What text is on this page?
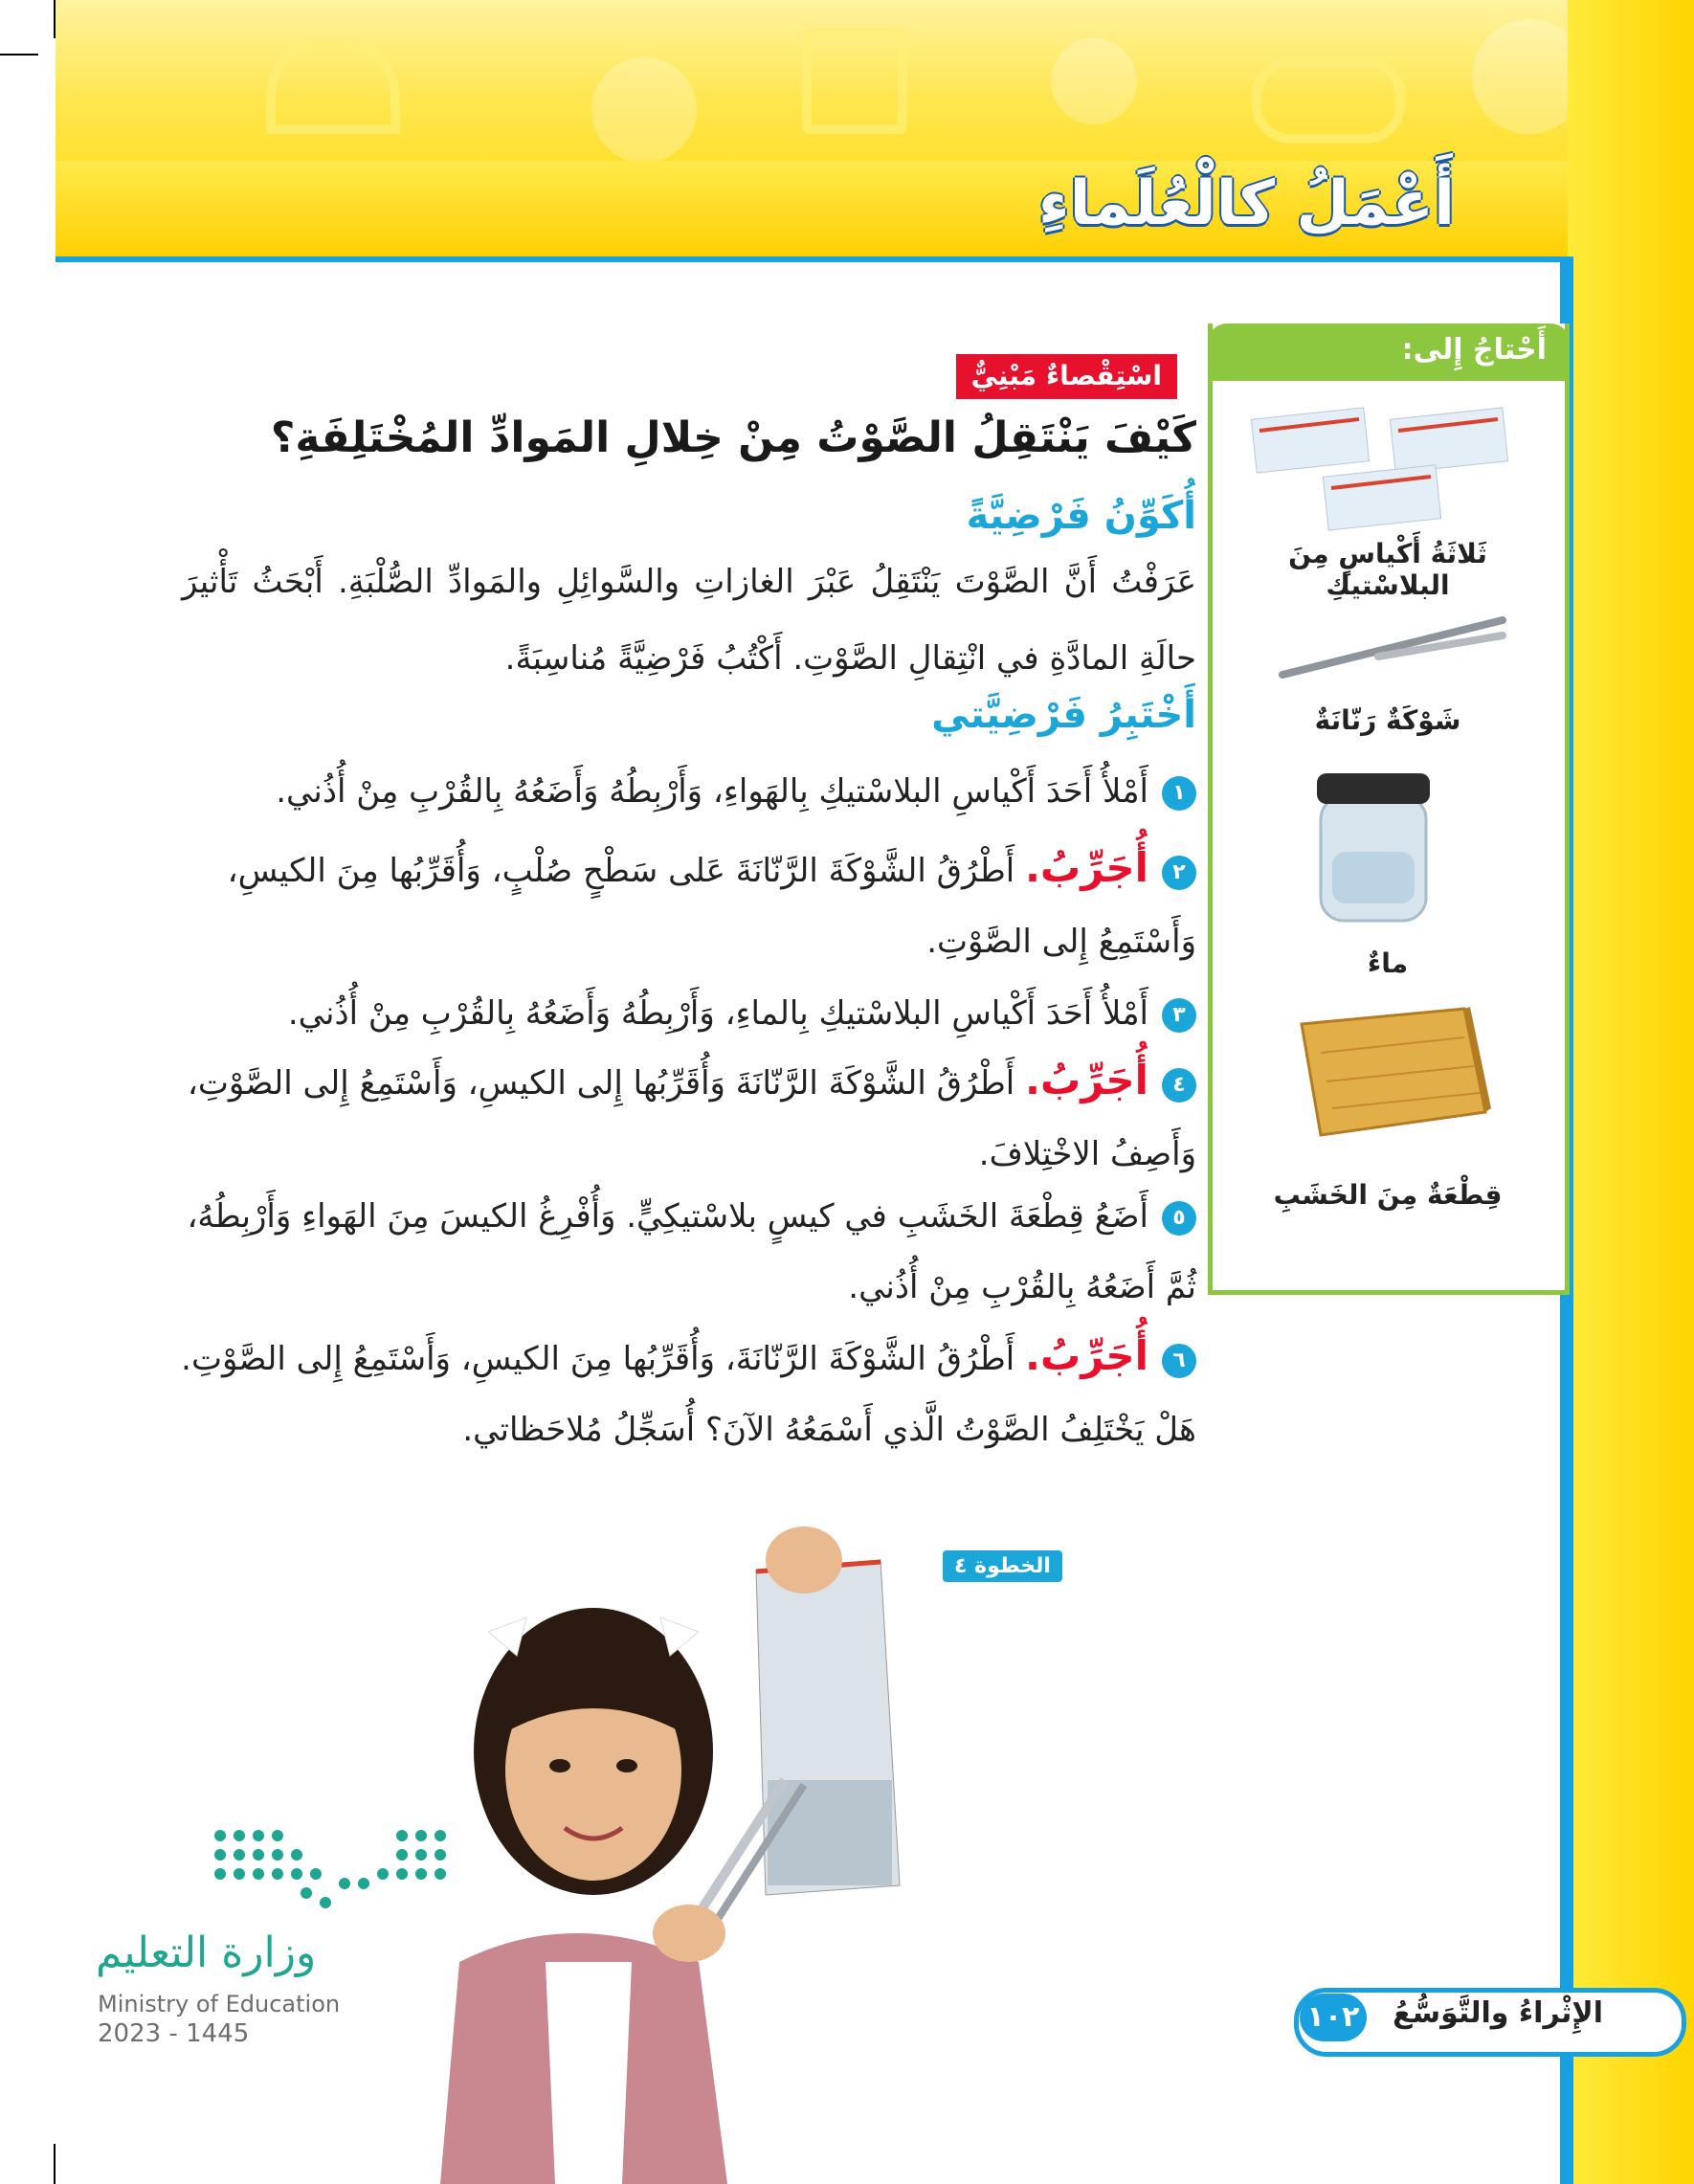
أَعْمَلُ كالْعُلَماءِ
اسْتِقْصاءٌ مَبْنِيٌّ
كَيْفَ يَنْتَقِلُ الصَّوْتُ مِنْ خِلالِ المَوادِّ المُخْتَلِفَةِ؟
أُكَوِّنُ فَرْضِيَّةً
عَرَفْتُ أَنَّ الصَّوْتَ يَنْتَقِلُ عَبْرَ الغازاتِ والسَّوائِلِ والمَوادِّ الصُّلْبَةِ. أَبْحَثُ تَأْثيرَ حالَةِ المادَّةِ في انْتِقالِ الصَّوْتِ. أَكْتُبُ فَرْضِيَّةً مُناسِبَةً.
أَخْتَبِرُ فَرْضِيَّتي
١أَمْلأُ أَحَدَ أَكْياسِ البلاسْتيكِ بِالهَواءِ، وَأَرْبِطُهُ وَأَضَعُهُ بِالقُرْبِ مِنْ أُذُني.
٢أُجَرِّبُ. أَطْرُقُ الشَّوْكَةَ الرَّنّانَةَ عَلى سَطْحٍ صُلْبٍ، وَأُقَرِّبُها مِنَ الكيسِ، وَأَسْتَمِعُ إِلى الصَّوْتِ.
٣أَمْلأُ أَحَدَ أَكْياسِ البلاسْتيكِ بِالماءِ، وَأَرْبِطُهُ وَأَضَعُهُ بِالقُرْبِ مِنْ أُذُني.
٤أُجَرِّبُ. أَطْرُقُ الشَّوْكَةَ الرَّنّانَةَ وَأُقَرِّبُها إِلى الكيسِ، وَأَسْتَمِعُ إِلى الصَّوْتِ، وَأَصِفُ الاخْتِلافَ.
٥أَضَعُ قِطْعَةَ الخَشَبِ في كيسٍ بلاسْتيكِيٍّ. وَأُفْرِغُ الكيسَ مِنَ الهَواءِ وَأَرْبِطُهُ، ثُمَّ أَضَعُهُ بِالقُرْبِ مِنْ أُذُني.
٦أُجَرِّبُ. أَطْرُقُ الشَّوْكَةَ الرَّنّانَةَ، وَأُقَرِّبُها مِنَ الكيسِ، وَأَسْتَمِعُ إِلى الصَّوْتِ. هَلْ يَخْتَلِفُ الصَّوْتُ الَّذي أَسْمَعُهُ الآنَ؟ أُسَجِّلُ مُلاحَظاتي.
أَحْتاجُ إِلى:
ثَلاثَةُ أَكْياسٍ مِنَ البلاسْتيكِ
شَوْكَةٌ رَنّانَةٌ
ماءٌ
قِطْعَةٌ مِنَ الخَشَبِ
الخطوة ٤
وزارة التعليم
Ministry of Education
2023 - 1445
الإِثْراءُ والتَّوَسُّعُ
١٠٢
